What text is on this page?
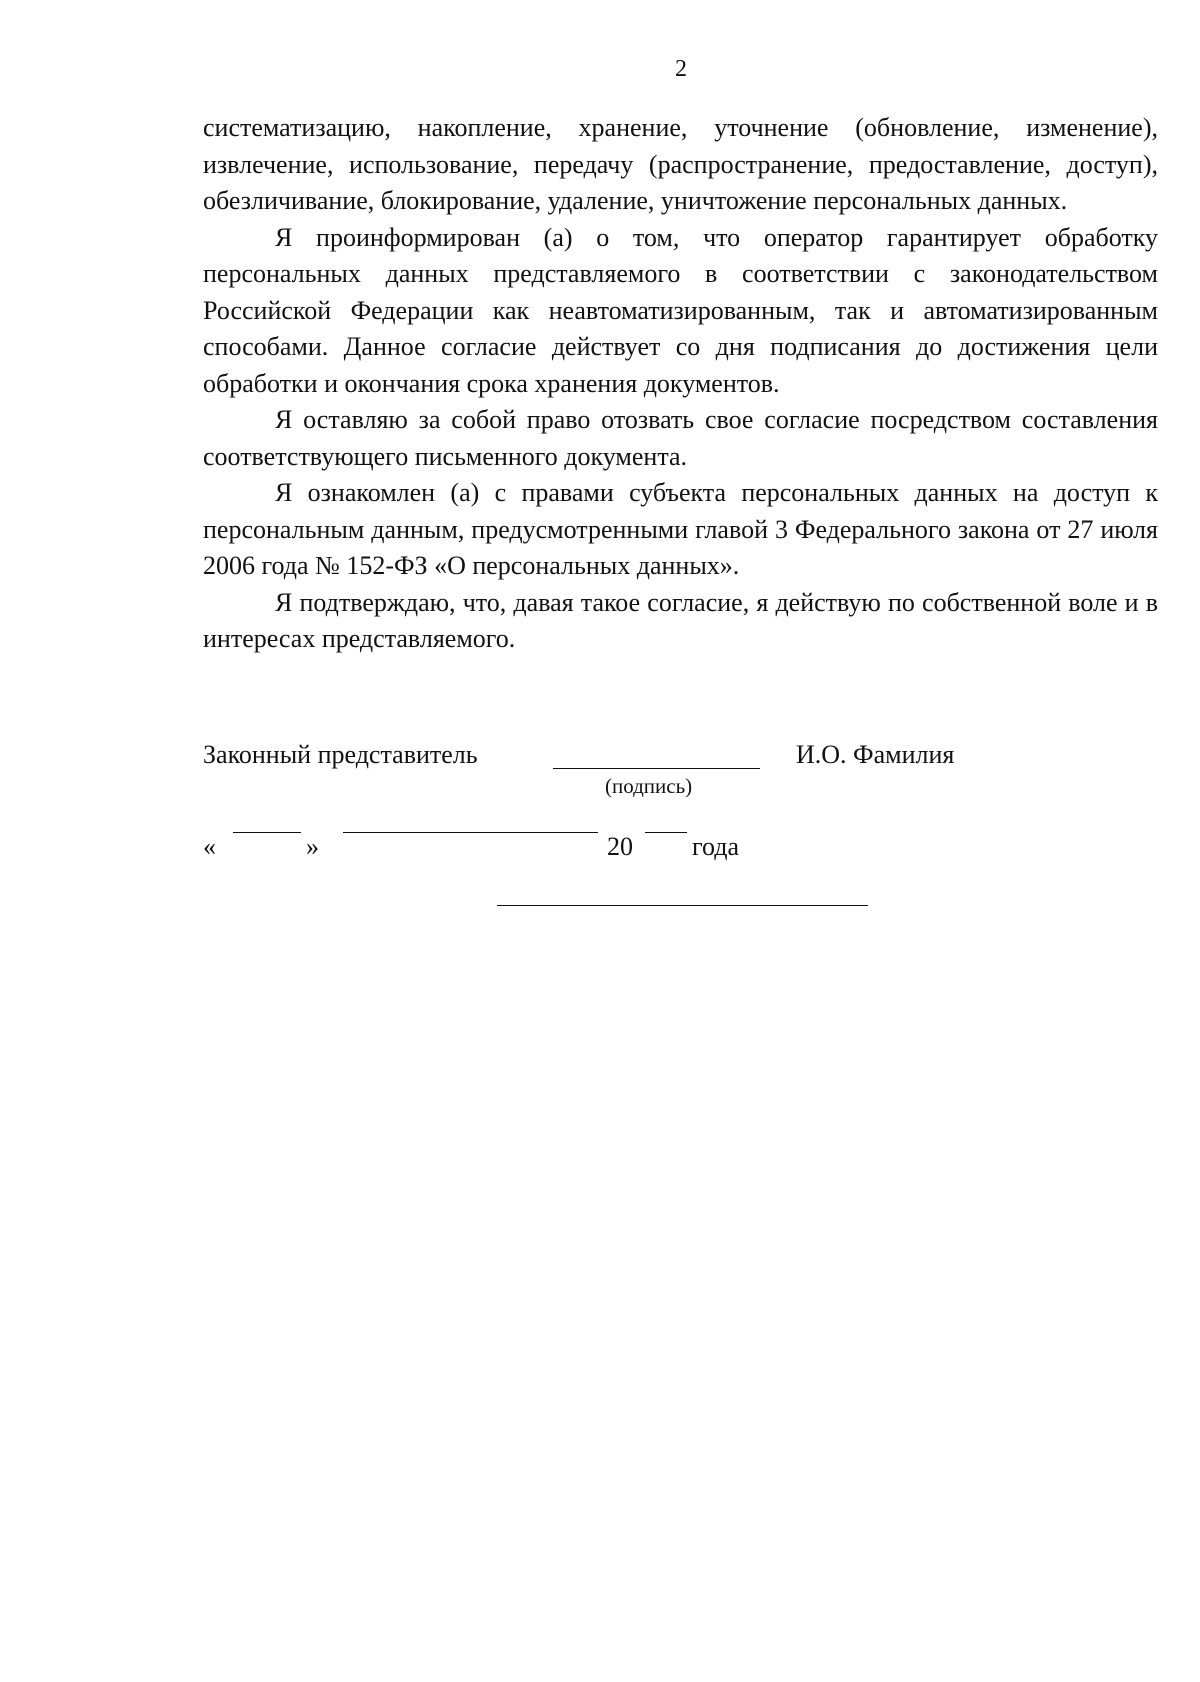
2

систематизацию, накопление, хранение, уточнение (обновление, изменение), извлечение, использование, передачу (распространение, предоставление, доступ), обезличивание, блокирование, удаление, уничтожение персональных данных.

Я проинформирован (а) о том, что оператор гарантирует обработку персональных данных представляемого в соответствии с законодательством Российской Федерации как неавтоматизированным, так и автоматизированным способами. Данное согласие действует со дня подписания до достижения цели обработки и окончания срока хранения документов.

Я оставляю за собой право отозвать свое согласие посредством составления соответствующего письменного документа.

Я ознакомлен (а) с правами субъекта персональных данных на доступ к персональным данным, предусмотренными главой 3 Федерального закона от 27 июля 2006 года № 152-ФЗ «О персональных данных».

Я подтверждаю, что, давая такое согласие, я действую по собственной воле и в интересах представляемого.

Законный представитель
(подпись)
И.О. Фамилия
«	»	20 года
